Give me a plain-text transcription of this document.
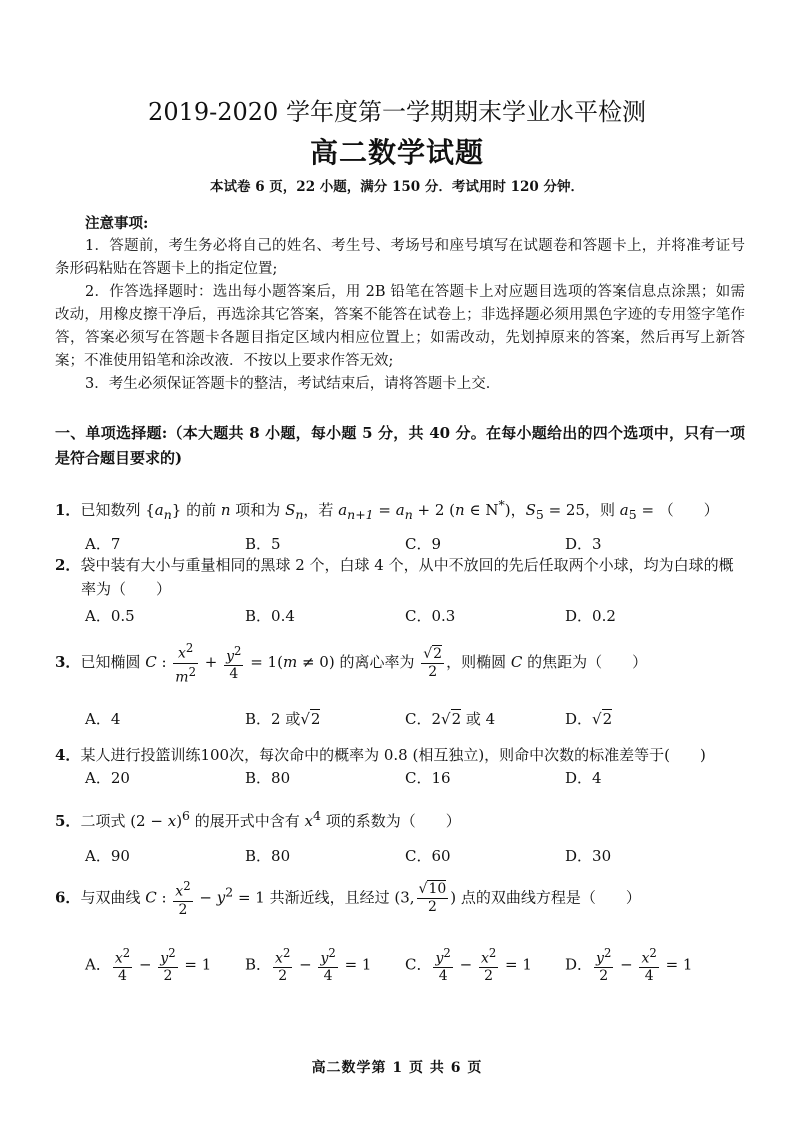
2019-2020 学年度第一学期期末学业水平检测
高二数学试题
本试卷 6 页，22 小题，满分 150 分．考试用时 120 分钟．
注意事项:

1．答题前，考生务必将自己的姓名、考生号、考场号和座号填写在试题卷和答题卡上，并将准考证号条形码粘贴在答题卡上的指定位置;

2．作答选择题时：选出每小题答案后，用 2B 铅笔在答题卡上对应题目选项的答案信息点涂黑；如需改动，用橡皮擦干净后，再选涂其它答案，答案不能答在试卷上；非选择题必须用黑色字迹的专用签字笔作答，答案必须写在答题卡各题目指定区域内相应位置上；如需改动，先划掉原来的答案，然后再写上新答案；不准使用铅笔和涂改液．不按以上要求作答无效;

3．考生必须保证答题卡的整洁，考试结束后，请将答题卡上交．

一、单项选择题:（本大题共 8 小题，每小题 5 分，共 40 分。在每小题给出的四个选项中，只有一项是符合题目要求的)
1．已知数列 $\{a_n\}$ 的前 n 项和为 $S_n$，若 $a_{n+1} = a_n + 2$ (n ∈ N*)，$S_5 = 25$，则 $a_5$ = （　　）
A．7	B．5	C．9	D．3
2．袋中装有大小与重量相同的黑球 2 个，白球 4 个，从中不放回的先后任取两个小球，均为白球的概率为（　　）
A．0.5	B．0.4	C．0.3	D．0.2
3．已知椭圆 C : $\frac{x^2}{m^2} + \frac{y^2}{4} = 1(m \ne 0)$ 的离心率为 $\frac{√2}{2}$ ，则椭圆 C 的焦距为（　　）
A．4	B．2 或√2	C．2√2 或 4	D．√2
4．某人进行投篮训练100次，每次命中的概率为 0.8 (相互独立)，则命中次数的标准差等于(　　)
A．20	B．80	C．16	D．4
5．二项式 $(2 - x)^6$ 的展开式中含有 $x^4$ 项的系数为（　　）
A．90	B．80	C．60	D．30
6．与双曲线 C : $\frac{x^2}{2} - y^2 = 1$ 共渐近线，且经过 (3, $\frac{√10}{2}$ ) 点的双曲线方程是（　　）
A． $\frac{x^2}{4} - \frac{y^2}{2} = 1$	B． $\frac{x^2}{2} - \frac{y^2}{4} = 1$	C． $\frac{y^2}{4} - \frac{x^2}{2} = 1$	D． $\frac{y^2}{2} - \frac{x^2}{4} = 1$
高二数学第 1 页 共 6 页
